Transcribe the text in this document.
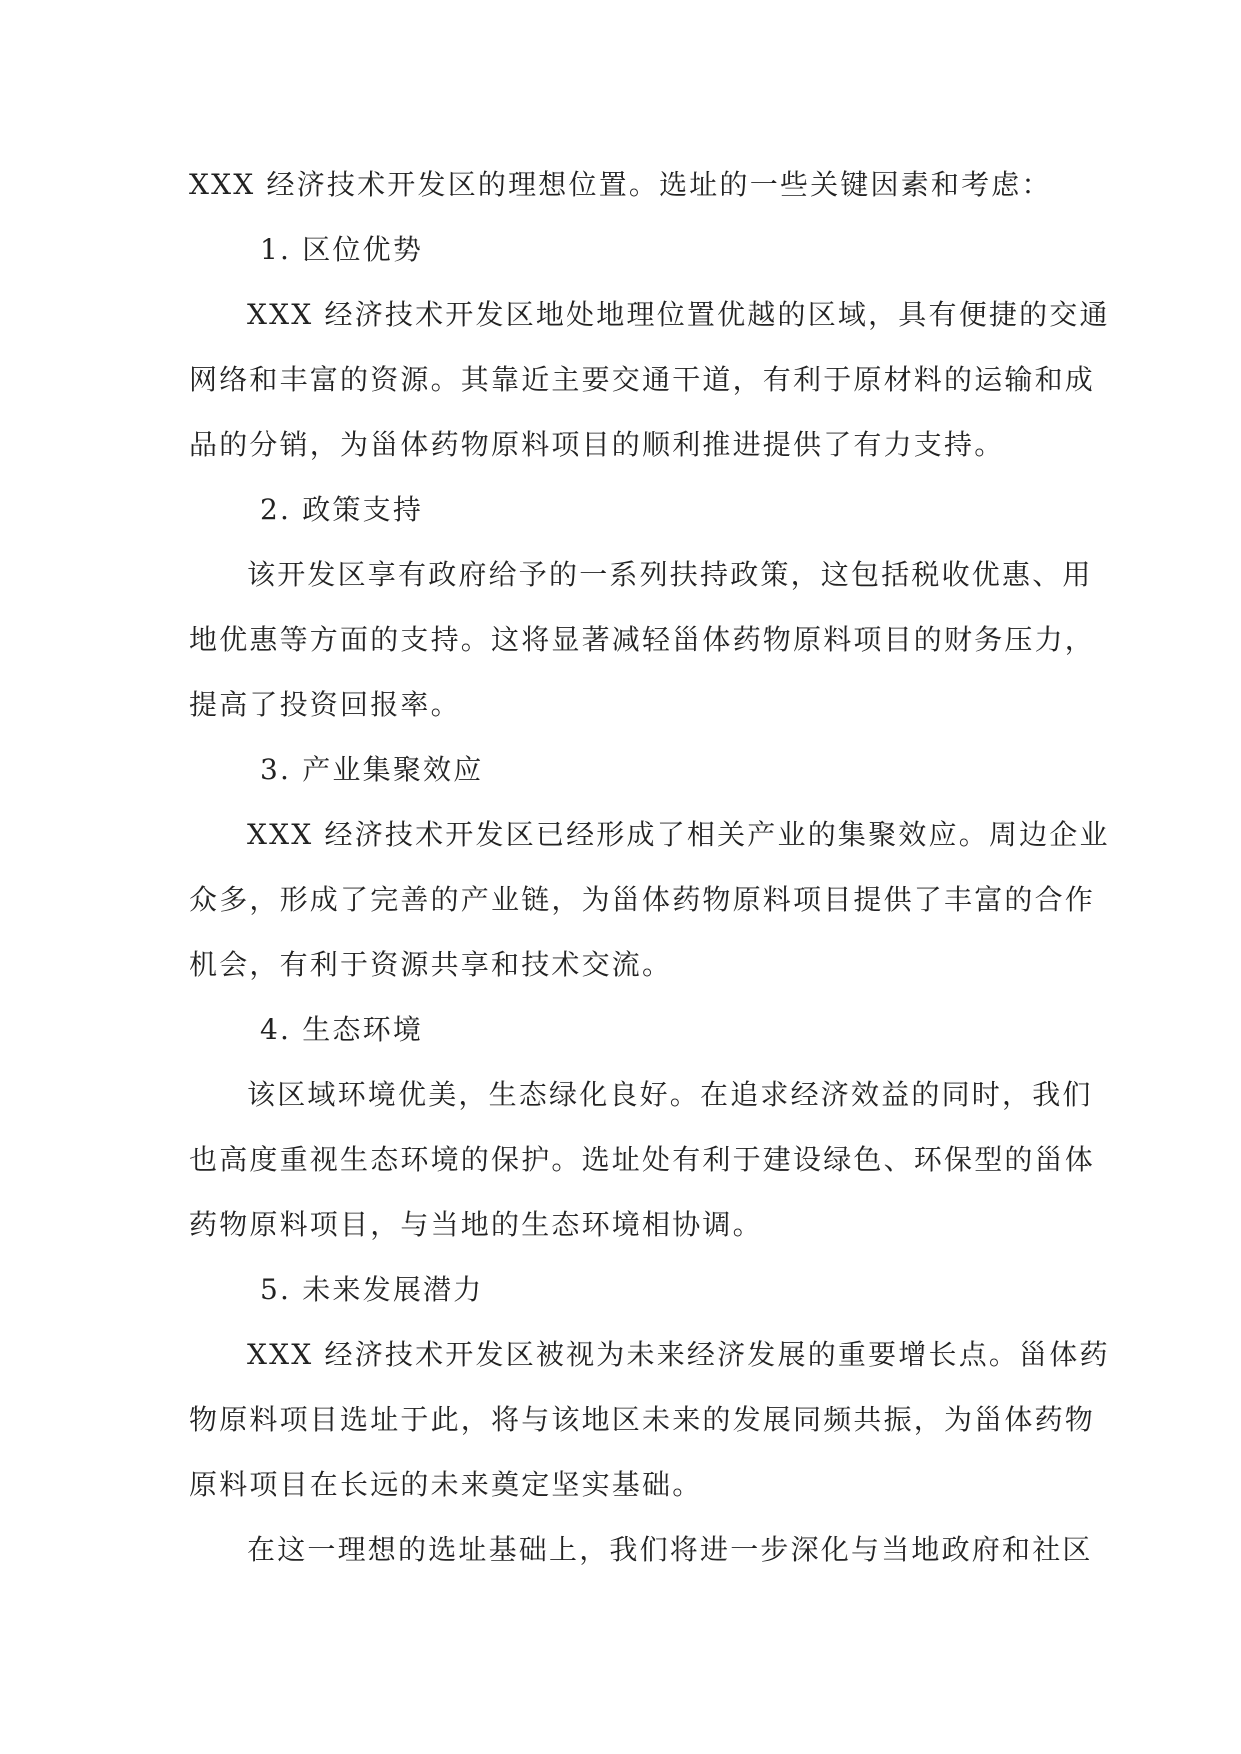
XXX 经济技术开发区的理想位置。选址的一些关键因素和考虑：
1. 区位优势
XXX 经济技术开发区地处地理位置优越的区域，具有便捷的交通
网络和丰富的资源。其靠近主要交通干道，有利于原材料的运输和成
品的分销，为甾体药物原料项目的顺利推进提供了有力支持。
2. 政策支持
该开发区享有政府给予的一系列扶持政策，这包括税收优惠、用
地优惠等方面的支持。这将显著减轻甾体药物原料项目的财务压力，
提高了投资回报率。
3. 产业集聚效应
XXX 经济技术开发区已经形成了相关产业的集聚效应。周边企业
众多，形成了完善的产业链，为甾体药物原料项目提供了丰富的合作
机会，有利于资源共享和技术交流。
4. 生态环境
该区域环境优美，生态绿化良好。在追求经济效益的同时，我们
也高度重视生态环境的保护。选址处有利于建设绿色、环保型的甾体
药物原料项目，与当地的生态环境相协调。
5. 未来发展潜力
XXX 经济技术开发区被视为未来经济发展的重要增长点。甾体药
物原料项目选址于此，将与该地区未来的发展同频共振，为甾体药物
原料项目在长远的未来奠定坚实基础。
在这一理想的选址基础上，我们将进一步深化与当地政府和社区
